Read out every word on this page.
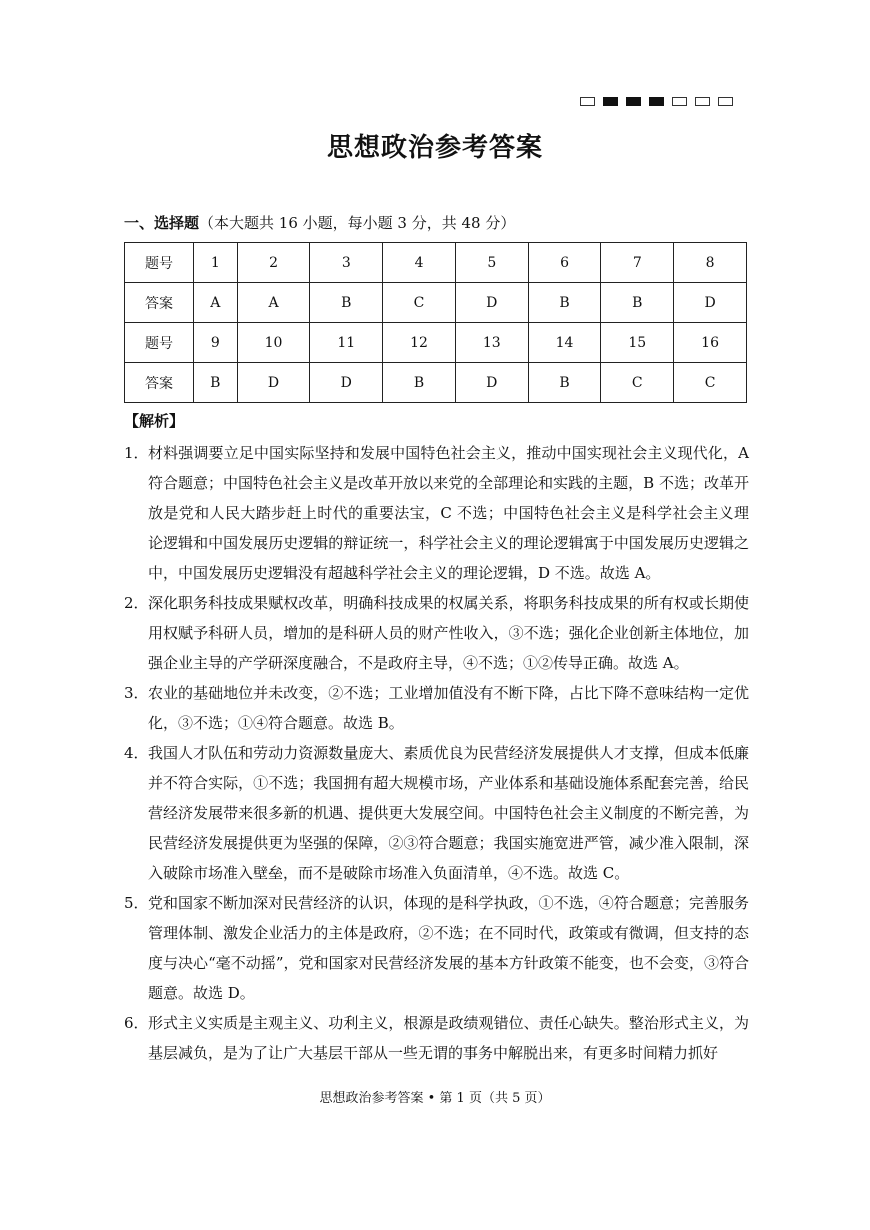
思想政治参考答案
一、选择题（本大题共 16 小题，每小题 3 分，共 48 分）
题号	1	2	3	4	5	6	7	8
答案	A	A	B	C	D	B	B	D
题号	9	10	11	12	13	14	15	16
答案	B	D	D	B	D	B	C	C
【解析】
1． 材料强调要立足中国实际坚持和发展中国特色社会主义，推动中国实现社会主义现代化，A 符合题意；中国特色社会主义是改革开放以来党的全部理论和实践的主题，B 不选；改革开放是党和人民大踏步赶上时代的重要法宝，C 不选；中国特色社会主义是科学社会主义理论逻辑和中国发展历史逻辑的辩证统一，科学社会主义的理论逻辑寓于中国发展历史逻辑之中，中国发展历史逻辑没有超越科学社会主义的理论逻辑，D 不选。故选 A。
2． 深化职务科技成果赋权改革，明确科技成果的权属关系，将职务科技成果的所有权或长期使用权赋予科研人员，增加的是科研人员的财产性收入，③不选；强化企业创新主体地位，加强企业主导的产学研深度融合，不是政府主导，④不选；①②传导正确。故选 A。
3． 农业的基础地位并未改变，②不选；工业增加值没有不断下降，占比下降不意味结构一定优化，③不选；①④符合题意。故选 B。
4． 我国人才队伍和劳动力资源数量庞大、素质优良为民营经济发展提供人才支撑，但成本低廉并不符合实际，①不选；我国拥有超大规模市场，产业体系和基础设施体系配套完善，给民营经济发展带来很多新的机遇、提供更大发展空间。中国特色社会主义制度的不断完善，为民营经济发展提供更为坚强的保障，②③符合题意；我国实施宽进严管，减少准入限制，深入破除市场准入壁垒，而不是破除市场准入负面清单，④不选。故选 C。
5． 党和国家不断加深对民营经济的认识，体现的是科学执政，①不选，④符合题意；完善服务管理体制、激发企业活力的主体是政府，②不选；在不同时代，政策或有微调，但支持的态度与决心“毫不动摇”，党和国家对民营经济发展的基本方针政策不能变，也不会变，③符合题意。故选 D。
6． 形式主义实质是主观主义、功利主义，根源是政绩观错位、责任心缺失。整治形式主义，为基层减负，是为了让广大基层干部从一些无谓的事务中解脱出来，有更多时间精力抓好
思想政治参考答案 • 第 1 页（共 5 页）
